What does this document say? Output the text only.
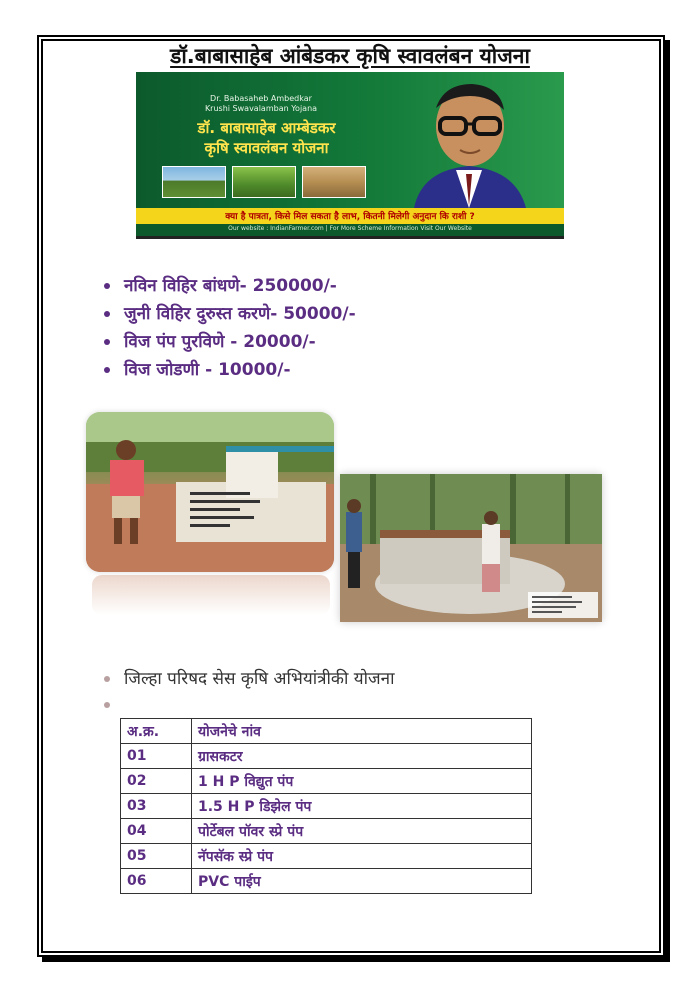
डॉ.बाबासाहेब आंबेडकर कृषि स्वावलंबन योजना
Dr. Babasaheb Ambedkar
Krushi Swavalamban Yojana
डॉ. बाबासाहेब आम्बेडकर
कृषि स्वावलंबन योजना
क्या है पात्रता, किसे मिल सकता है लाभ, कितनी मिलेगी अनुदान कि राशी ?
Our website : IndianFarmer.com | For More Scheme Information Visit Our Website
नविन विहिर बांधणे- 250000/-
जुनी विहिर दुरुस्त करणे- 50000/-
विज पंप पुरविणे - 20000/-
विज जोडणी - 10000/-
जिल्हा परिषद सेस कृषि अभियांत्रीकी योजना
अ.क्र.	योजनेचे नांव
01	ग्रासकटर
02	1 H P विद्युत पंप
03	1.5 H P डिझेल पंप
04	पोर्टेबल पॉवर स्प्रे पंप
05	नॅपसॅक स्प्रे पंप
06	PVC पाईप
